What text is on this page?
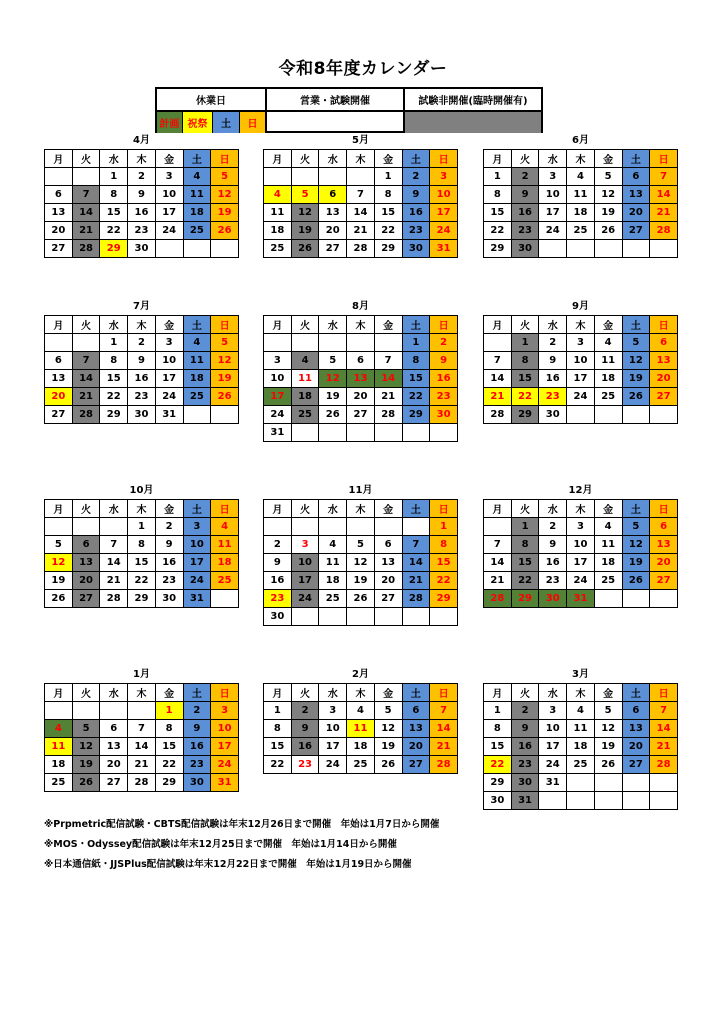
令和8年度カレンダー
休業日	営業・試験開催	試験非開催(臨時開催有)
計画 祝祭	土	日
4月
月	火	水	木	金	土	日
		1	2	3	4	5
6	7	8	9	10	11	12
13	14	15	16	17	18	19
20	21	22	23	24	25	26
27	28	29	30			
5月
月	火	水	木	金	土	日
				1	2	3
4	5	6	7	8	9	10
11	12	13	14	15	16	17
18	19	20	21	22	23	24
25	26	27	28	29	30	31
6月
月	火	水	木	金	土	日
1	2	3	4	5	6	7
8	9	10	11	12	13	14
15	16	17	18	19	20	21
22	23	24	25	26	27	28
29	30					
7月
月	火	水	木	金	土	日
		1	2	3	4	5
6	7	8	9	10	11	12
13	14	15	16	17	18	19
20	21	22	23	24	25	26
27	28	29	30	31		
8月
月	火	水	木	金	土	日
					1	2
3	4	5	6	7	8	9
10	11	12	13	14	15	16
17	18	19	20	21	22	23
24	25	26	27	28	29	30
31						
9月
月	火	水	木	金	土	日
	1	2	3	4	5	6
7	8	9	10	11	12	13
14	15	16	17	18	19	20
21	22	23	24	25	26	27
28	29	30				
10月
月	火	水	木	金	土	日
			1	2	3	4
5	6	7	8	9	10	11
12	13	14	15	16	17	18
19	20	21	22	23	24	25
26	27	28	29	30	31	
11月
月	火	水	木	金	土	日
						1
2	3	4	5	6	7	8
9	10	11	12	13	14	15
16	17	18	19	20	21	22
23	24	25	26	27	28	29
30						
12月
月	火	水	木	金	土	日
	1	2	3	4	5	6
7	8	9	10	11	12	13
14	15	16	17	18	19	20
21	22	23	24	25	26	27
28	29	30	31			
1月
月	火	水	木	金	土	日
				1	2	3
4	5	6	7	8	9	10
11	12	13	14	15	16	17
18	19	20	21	22	23	24
25	26	27	28	29	30	31
2月
月	火	水	木	金	土	日
1	2	3	4	5	6	7
8	9	10	11	12	13	14
15	16	17	18	19	20	21
22	23	24	25	26	27	28
3月
月	火	水	木	金	土	日
1	2	3	4	5	6	7
8	9	10	11	12	13	14
15	16	17	18	19	20	21
22	23	24	25	26	27	28
29	30	31				
30	31					
※Prpmetric配信試験・CBTS配信試験は年末12月26日まで開催　年始は1月7日から開催
※MOS・Odyssey配信試験は年末12月25日まで開催　年始は1月14日から開催
※日本通信紙・JJSPlus配信試験は年末12月22日まで開催　年始は1月19日から開催
